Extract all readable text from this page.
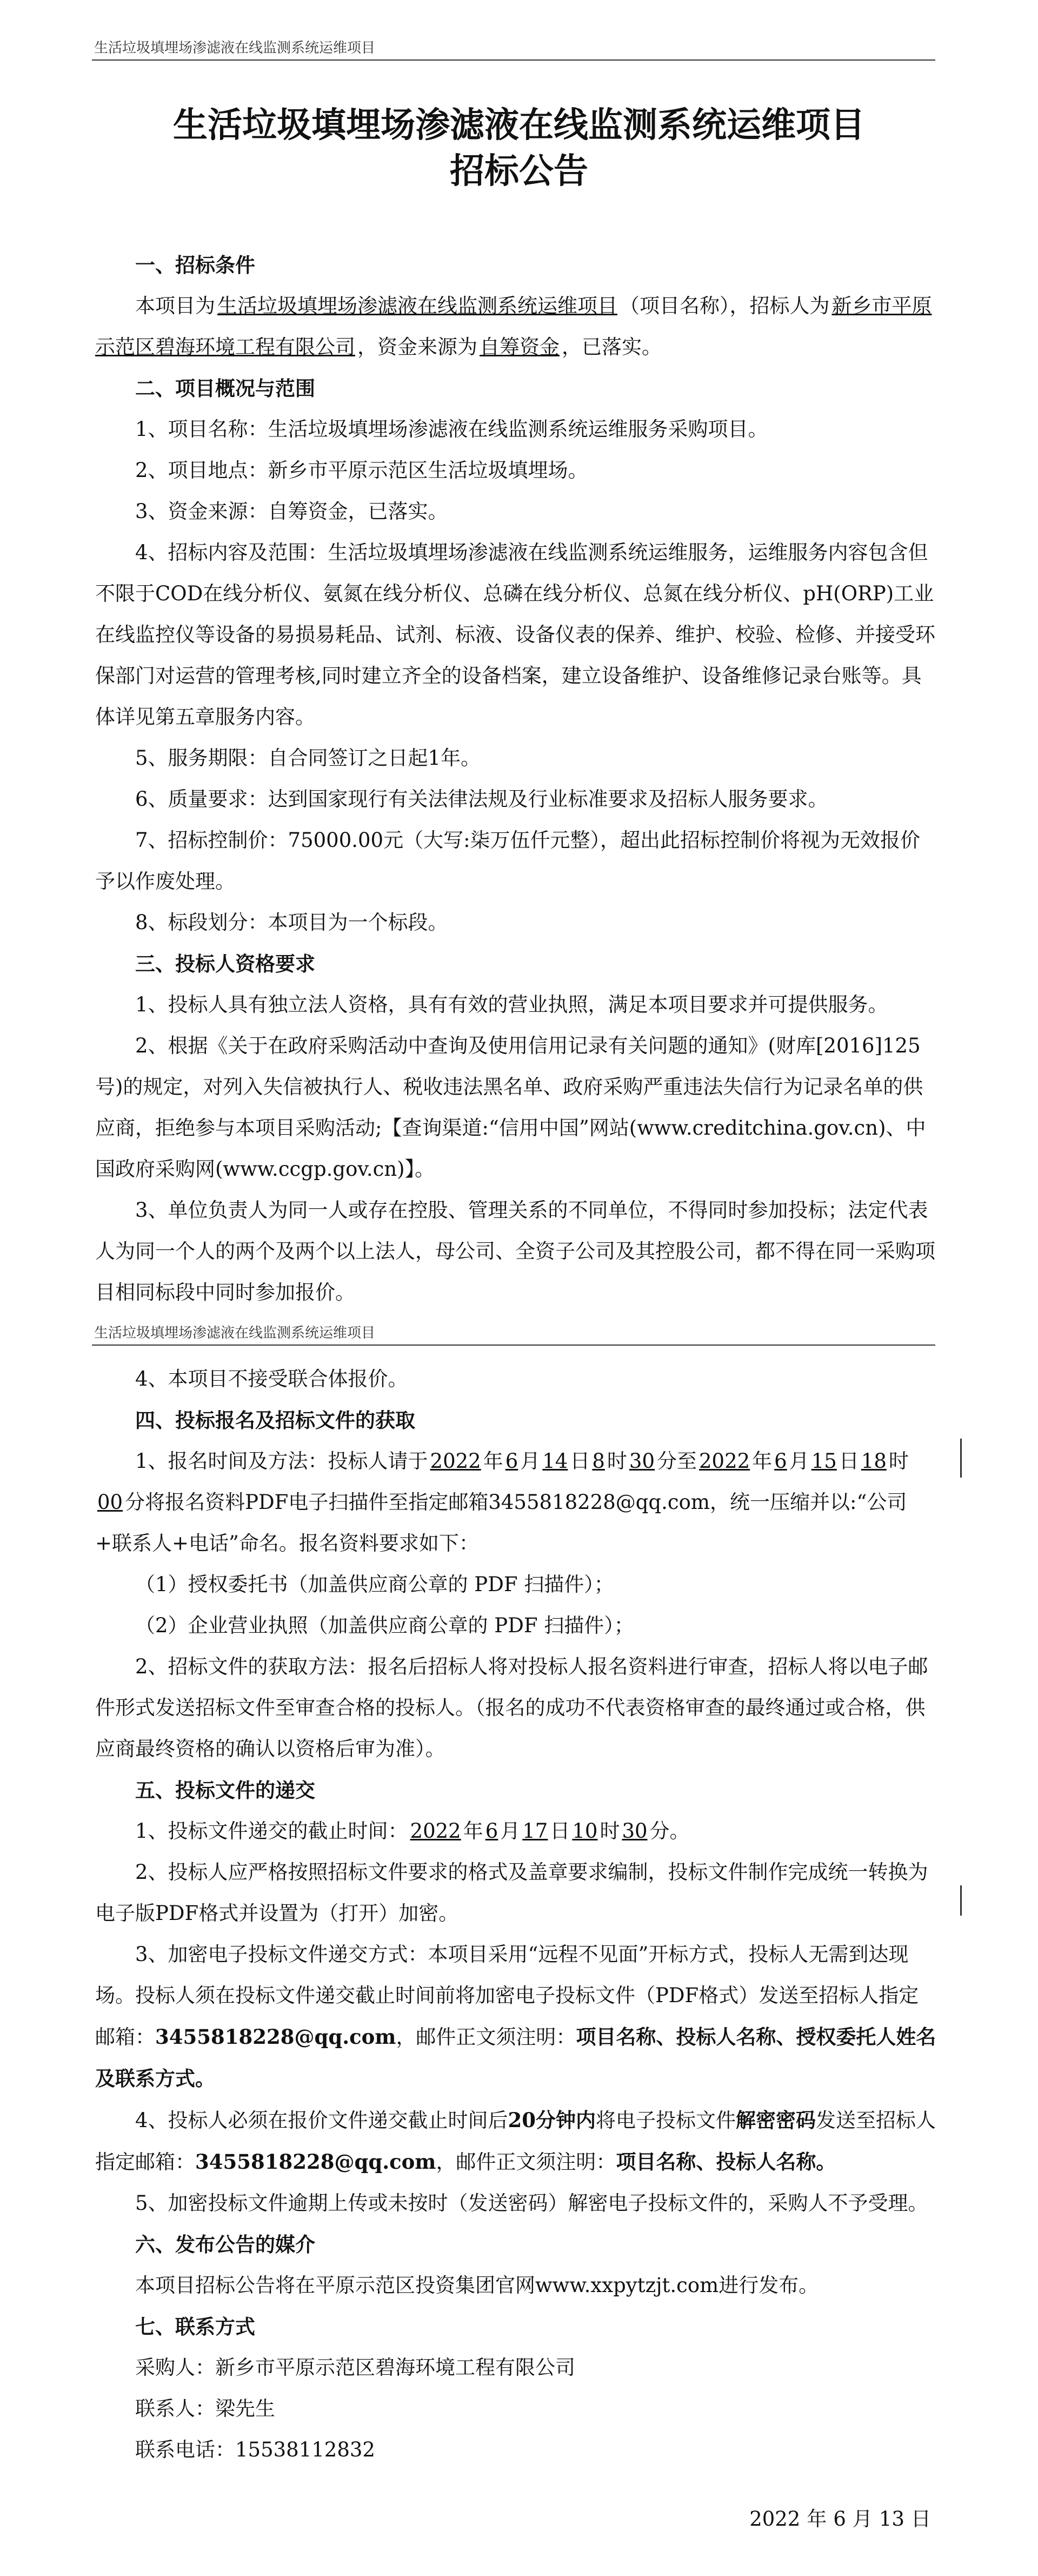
生活垃圾填埋场渗滤液在线监测系统运维项目
生活垃圾填埋场渗滤液在线监测系统运维项目
招标公告

一、招标条件

本项目为 生活垃圾填埋场渗滤液在线监测系统运维项目 （项目名称），招标人为 新乡市平原示范区碧海环境工程有限公司 ，资金来源为 自筹资金 ，已落实。

二、项目概况与范围

1、项目名称：生活垃圾填埋场渗滤液在线监测系统运维服务采购项目。

2、项目地点：新乡市平原示范区生活垃圾填埋场。

3、资金来源：自筹资金，已落实。

4、招标内容及范围：生活垃圾填埋场渗滤液在线监测系统运维服务，运维服务内容包含但不限于COD在线分析仪、氨氮在线分析仪、总磷在线分析仪、总氮在线分析仪、pH(ORP)工业在线监控仪等设备的易损易耗品、试剂、标液、设备仪表的保养、维护、校验、检修、并接受环保部门对运营的管理考核,同时建立齐全的设备档案，建立设备维护、设备维修记录台账等。具体详见第五章服务内容。

5、服务期限：自合同签订之日起1年。

6、质量要求：达到国家现行有关法律法规及行业标准要求及招标人服务要求。

7、招标控制价：75000.00元（大写:柒万伍仟元整），超出此招标控制价将视为无效报价予以作废处理。

8、标段划分：本项目为一个标段。

三、投标人资格要求

1、投标人具有独立法人资格，具有有效的营业执照，满足本项目要求并可提供服务。

2、根据《关于在政府采购活动中查询及使用信用记录有关问题的通知》(财库[2016]125号)的规定，对列入失信被执行人、税收违法黑名单、政府采购严重违法失信行为记录名单的供应商，拒绝参与本项目采购活动;【查询渠道:“信用中国”网站(www.creditchina.gov.cn)、中国政府采购网(www.ccgp.gov.cn)】。

3、单位负责人为同一人或存在控股、管理关系的不同单位，不得同时参加投标；法定代表人为同一个人的两个及两个以上法人，母公司、全资子公司及其控股公司，都不得在同一采购项目相同标段中同时参加报价。

生活垃圾填埋场渗滤液在线监测系统运维项目

4、本项目不接受联合体报价。

四、投标报名及招标文件的获取

1、报名时间及方法：投标人请于 2022 年 6 月 14 日 8 时 30 分至 2022 年 6 月 15 日 18 时00 分将报名资料PDF电子扫描件至指定邮箱3455818228@qq.com，统一压缩并以:“公司+联系人+电话”命名。报名资料要求如下：

（1）授权委托书（加盖供应商公章的 PDF 扫描件）；

（2）企业营业执照（加盖供应商公章的 PDF 扫描件）；

2、招标文件的获取方法：报名后招标人将对投标人报名资料进行审查，招标人将以电子邮件形式发送招标文件至审查合格的投标人。（报名的成功不代表资格审查的最终通过或合格，供应商最终资格的确认以资格后审为准）。

五、投标文件的递交

1、投标文件递交的截止时间： 2022 年 6 月 17 日 10 时 30 分。

2、投标人应严格按照招标文件要求的格式及盖章要求编制，投标文件制作完成统一转换为电子版PDF格式并设置为（打开）加密。

3、加密电子投标文件递交方式：本项目采用“远程不见面”开标方式，投标人无需到达现场。投标人须在投标文件递交截止时间前将加密电子投标文件（PDF格式）发送至招标人指定邮箱：3455818228@qq.com，邮件正文须注明：项目名称、投标人名称、授权委托人姓名及联系方式。

4、投标人必须在报价文件递交截止时间后20分钟内将电子投标文件解密密码发送至招标人指定邮箱：3455818228@qq.com，邮件正文须注明：项目名称、投标人名称。

5、加密投标文件逾期上传或未按时（发送密码）解密电子投标文件的，采购人不予受理。

六、发布公告的媒介

本项目招标公告将在平原示范区投资集团官网www.xxpytzjt.com进行发布。

七、联系方式

采购人：新乡市平原示范区碧海环境工程有限公司

联系人：梁先生

联系电话：15538112832

2022 年 6 月 13 日
